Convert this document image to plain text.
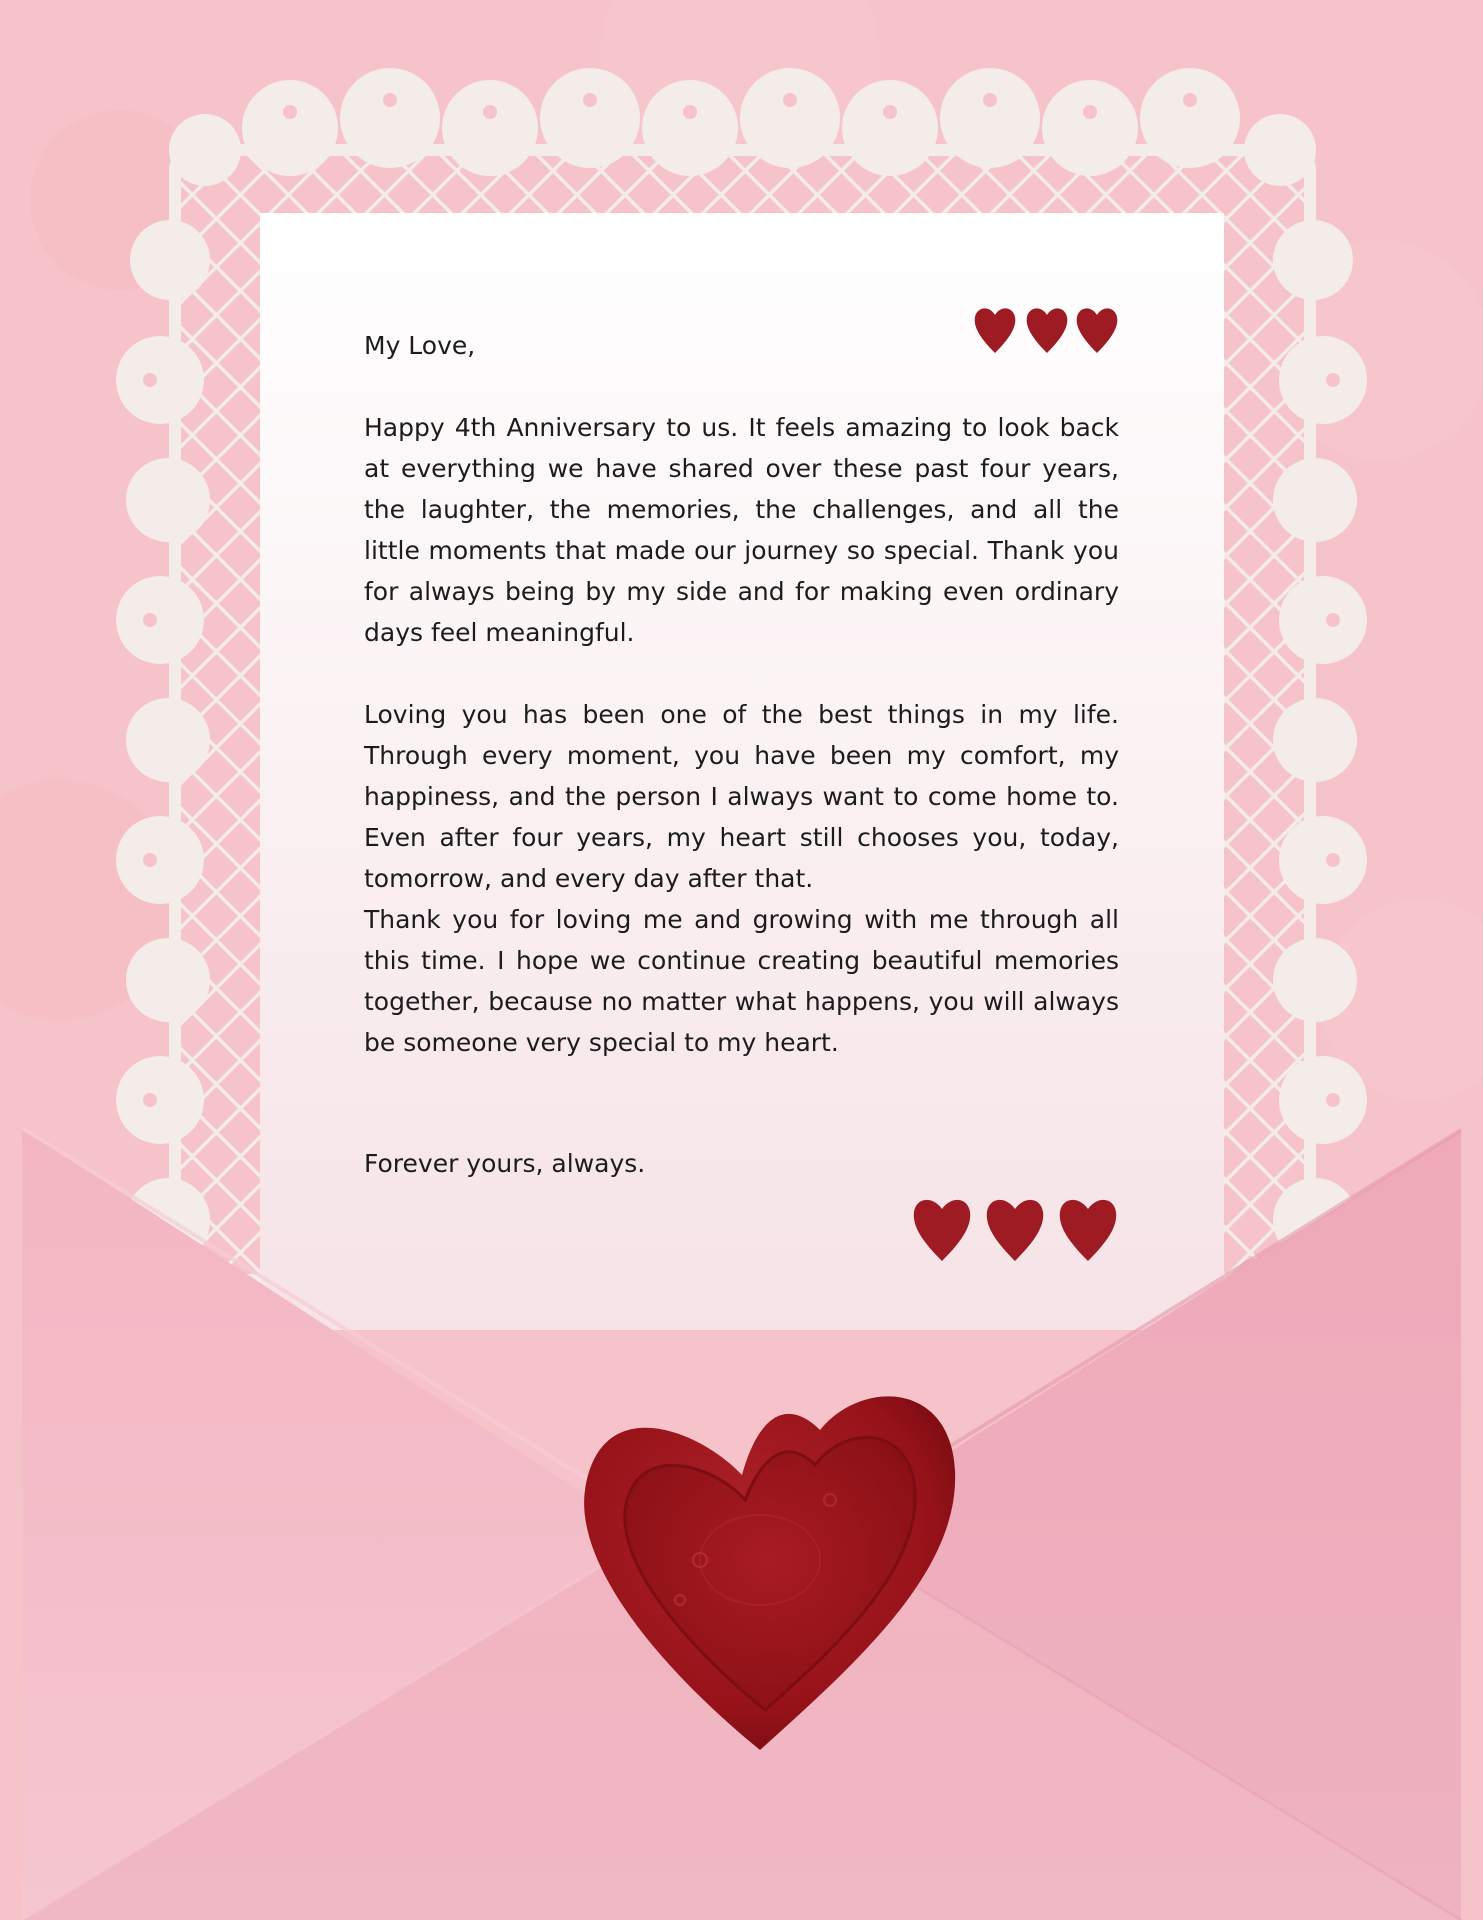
My Love,

Happy 4th Anniversary to us. It feels amazing to look back at everything we have shared over these past four years, the laughter, the memories, the challenges, and all the little moments that made our journey so special. Thank you for always being by my side and for making even ordinary days feel meaningful.

Loving you has been one of the best things in my life. Through every moment, you have been my comfort, my happiness, and the person I always want to come home to. Even after four years, my heart still chooses you, today, tomorrow, and every day after that.

Thank you for loving me and growing with me through all this time. I hope we continue creating beautiful memories together, because no matter what happens, you will always be someone very special to my heart.

Forever yours, always.
